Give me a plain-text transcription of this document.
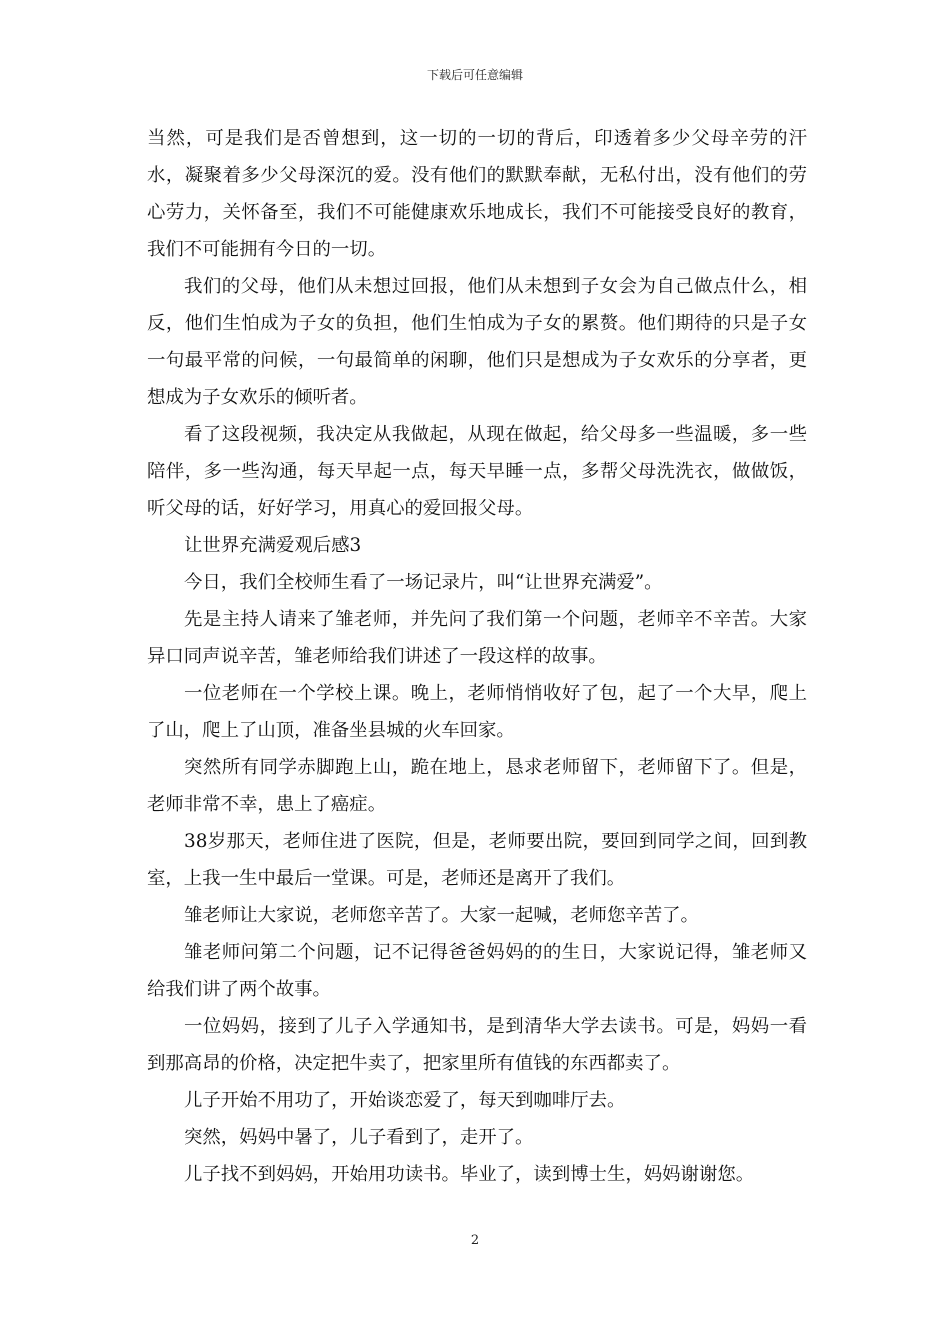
下载后可任意编辑

当然，可是我们是否曾想到，这一切的一切的背后，印透着多少父母辛劳的汗水，凝聚着多少父母深沉的爱。没有他们的默默奉献，无私付出，没有他们的劳心劳力，关怀备至，我们不可能健康欢乐地成长，我们不可能接受良好的教育，我们不可能拥有今日的一切。

我们的父母，他们从未想过回报，他们从未想到子女会为自己做点什么，相反，他们生怕成为子女的负担，他们生怕成为子女的累赘。他们期待的只是子女一句最平常的问候，一句最简单的闲聊，他们只是想成为子女欢乐的分享者，更想成为子女欢乐的倾听者。

看了这段视频，我决定从我做起，从现在做起，给父母多一些温暖，多一些陪伴，多一些沟通，每天早起一点，每天早睡一点，多帮父母洗洗衣，做做饭，听父母的话，好好学习，用真心的爱回报父母。

让世界充满爱观后感3

今日，我们全校师生看了一场记录片，叫“让世界充满爱”。

先是主持人请来了雏老师，并先问了我们第一个问题，老师辛不辛苦。大家异口同声说辛苦，雏老师给我们讲述了一段这样的故事。

一位老师在一个学校上课。晚上，老师悄悄收好了包，起了一个大早，爬上了山，爬上了山顶，准备坐县城的火车回家。

突然所有同学赤脚跑上山，跪在地上，恳求老师留下，老师留下了。但是，老师非常不幸，患上了癌症。

38岁那天，老师住进了医院，但是，老师要出院，要回到同学之间，回到教室，上我一生中最后一堂课。可是，老师还是离开了我们。

雏老师让大家说，老师您辛苦了。大家一起喊，老师您辛苦了。

雏老师问第二个问题，记不记得爸爸妈妈的的生日，大家说记得，雏老师又给我们讲了两个故事。

一位妈妈，接到了儿子入学通知书，是到清华大学去读书。可是，妈妈一看到那高昂的价格，决定把牛卖了，把家里所有值钱的东西都卖了。

儿子开始不用功了，开始谈恋爱了，每天到咖啡厅去。

突然，妈妈中暑了，儿子看到了，走开了。

儿子找不到妈妈，开始用功读书。毕业了，读到博士生，妈妈谢谢您。

2
